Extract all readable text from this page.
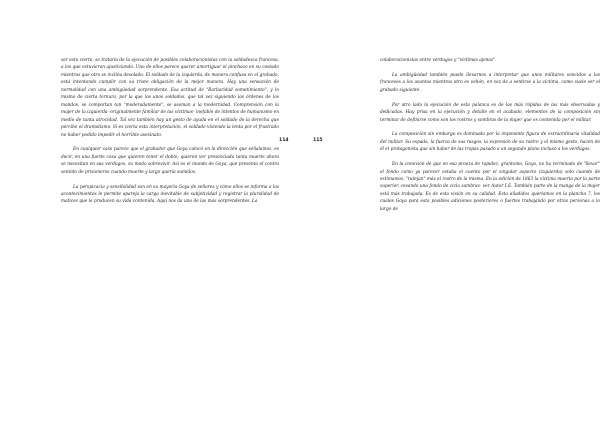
ser esto cierto, se trataría de la ejecución de posibles colaboracionistas con la soldadesca francesa, a los que estuvieran ajusticiando. Uno de ellos parece querer amortiguar el pinchazo en su costado mientras que otro se inclina desolado. El soldado de la izquierda, de manera confusa en el grabado, está intentando cumplir con su triste obligación de la mejor manera. Hay una sensación de normalidad con una ambigüedad sorprendente. Esa actitud de "Barbaridad sometimiento", y lo mismo de cierta ternura, por la que los unos soldados, que tal vez siguiendo las órdenes de los mandos, se comportan tan "moderadamente", se asoman a la modernidad. Comprensión con la mujer de la izquierda -originalmente familiar de las víctimas- inefable de intentos de humanismo en medio de tanta atrocidad. Tal vez también hay un gesto de ayuda en el soldado de la derecha que percibe el dramatismo. Si es cierta esta interpretación, el soldado viviendo la lenta por el frustrado no haber podido impedir el horrible asesinato.

En cualquier caso parece que el grabador que Goya colocó en la dirección que señalamos, es decir, en una fuerte cosa que quieren tener el doble; quieren ver presenciada tanta muerte ahora se necesitan en sus verdugos, su modo sobrevivir. Así es el mundo de Goya, que presenta el contra sentido de prisioneros cuando muerte y largo quería sumidos.

La perspicacia y sensibilidad son en su mayoría Goya de señores y cómo ellos se informa a los acontecimientos le permite apareja la carga inevitable de subjetividad y registrar la pluralidad de matices que le producen su vida contenida. Aquí nos da uno de las más sorprendentes. La

114	115

colaboracionistas entre verdugos y "víctimas ajenas".

La ambigüedad también puede llevarnos a interpretar que unos militares vencidos a los franceses a los asuntos mientras otro es vehón, en vez de a sentirse a la víctima, como suele ser el grabado siguiente.

Por otro lado la ejecución de esta palanca es de las más rápidas de las más observadas y dedicadas. Hay prisa en la ejecución y detalle en el acabado, elementos de la composición sin terminar de definirse como son los rostros y sombras de la mujer que es contenida por el militar.

La composición sin embargo es dominada por la imponente figura de extraordinaria vitalidad del militar. Su espada, la fuerza de sus rasgos, la expresión de su rostro y el mismo gesto, hacen de él el protagonista que sin haber de las tropas pasado a un segundo plano incluso a los verdugos.

En la conexión de que en esa proeza de rapidez, grantomo, Goya, no ha terminado de "llevar" el fondo como ya parecer estaba el cuento por el singular aspecto (izquierda) solo cuando de estimamos, "tutejan" más el rostro de la misma. En la edición de 1863 la víctima muerta por la parte superior, cesando una fondo de ciclo sombras- ver Autor I-E. También parte de la manga de la mujer está más trabajada. Es de esta visión en su calidad. Esta añadidos queríamos en la plancha 7, los cuales Goya para esta posibles adiciones posteriores o fuertes trabajando por otras personas a lo largo de
